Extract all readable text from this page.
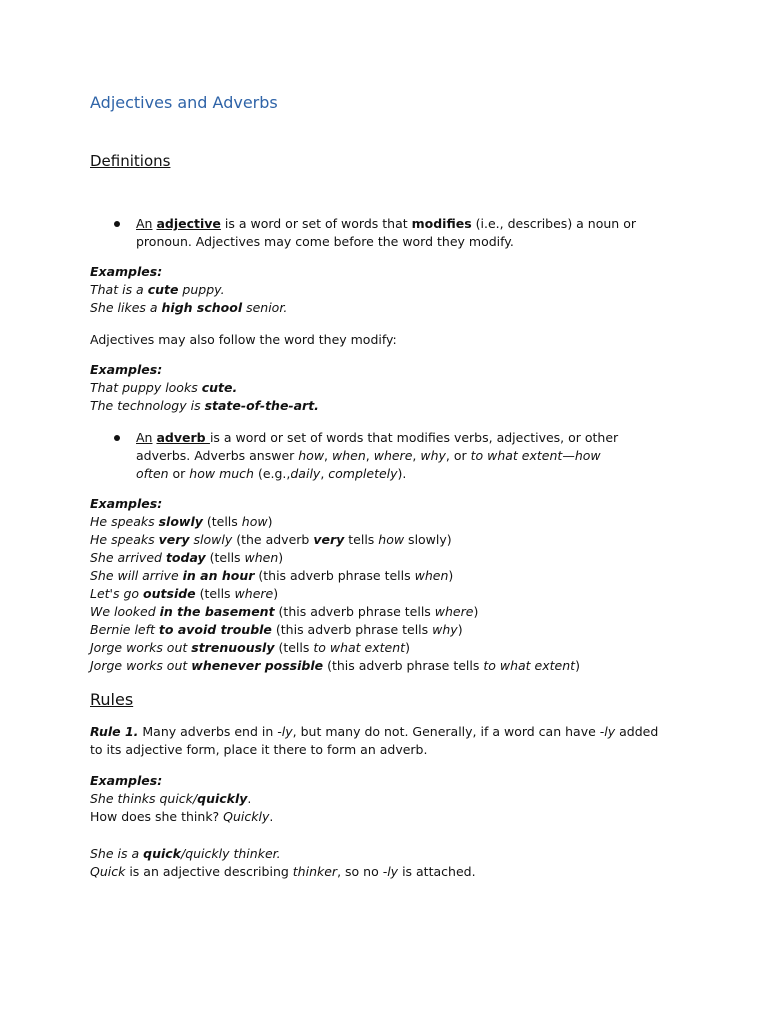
Adjectives and Adverbs
Definitions
An adjective is a word or set of words that modifies (i.e., describes) a noun or
pronoun. Adjectives may come before the word they modify.
Examples:
That is a cute puppy.
She likes a high school senior.
Adjectives may also follow the word they modify:
Examples:
That puppy looks cute.
The technology is state-of-the-art.
An adverb is a word or set of words that modifies verbs, adjectives, or other
adverbs. Adverbs answer how, when, where, why, or to what extent—how
often or how much (e.g.,daily, completely).
Examples:
He speaks slowly (tells how)
He speaks very slowly (the adverb very tells how slowly)
She arrived today (tells when)
She will arrive in an hour (this adverb phrase tells when)
Let's go outside (tells where)
We looked in the basement (this adverb phrase tells where)
Bernie left to avoid trouble (this adverb phrase tells why)
Jorge works out strenuously (tells to what extent)
Jorge works out whenever possible (this adverb phrase tells to what extent)
Rules
Rule 1. Many adverbs end in -ly, but many do not. Generally, if a word can have -ly added
to its adjective form, place it there to form an adverb.
Examples:
She thinks quick/quickly.
How does she think? Quickly.
She is a quick/quickly thinker.
Quick is an adjective describing thinker, so no -ly is attached.
